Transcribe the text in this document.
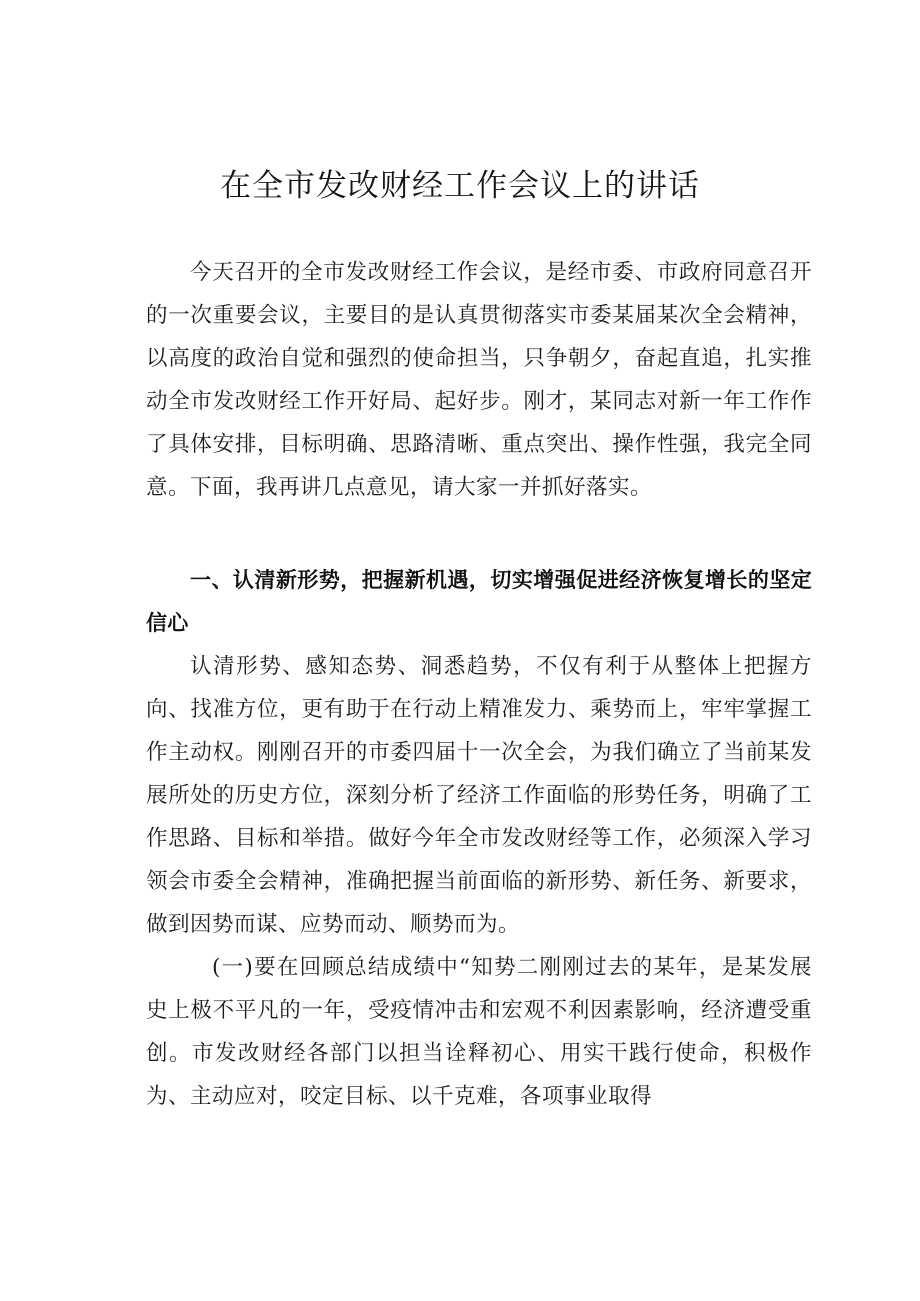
在全市发改财经工作会议上的讲话
今天召开的全市发改财经工作会议，是经市委、市政府同意召开的一次重要会议，主要目的是认真贯彻落实市委某届某次全会精神，以高度的政治自觉和强烈的使命担当，只争朝夕，奋起直追，扎实推动全市发改财经工作开好局、起好步。刚才，某同志对新一年工作作了具体安排，目标明确、思路清晰、重点突出、操作性强，我完全同意。下面，我再讲几点意见，请大家一并抓好落实。
一、认清新形势，把握新机遇，切实增强促进经济恢复增长的坚定信心
认清形势、感知态势、洞悉趋势，不仅有利于从整体上把握方向、找准方位，更有助于在行动上精准发力、乘势而上，牢牢掌握工作主动权。刚刚召开的市委四届十一次全会，为我们确立了当前某发展所处的历史方位，深刻分析了经济工作面临的形势任务，明确了工作思路、目标和举措。做好今年全市发改财经等工作，必须深入学习领会市委全会精神，准确把握当前面临的新形势、新任务、新要求，做到因势而谋、应势而动、顺势而为。
(一)要在回顾总结成绩中“知势二刚刚过去的某年，是某发展史上极不平凡的一年，受疫情冲击和宏观不利因素影响，经济遭受重创。市发改财经各部门以担当诠释初心、用实干践行使命，积极作为、主动应对，咬定目标、以千克难，各项事业取得
